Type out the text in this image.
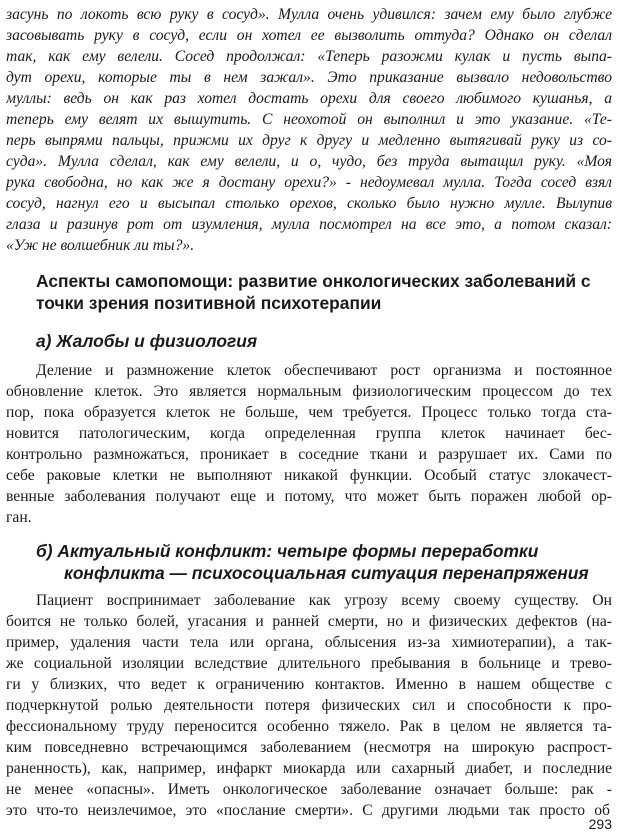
засунь по локоть всю руку в сосуд». Мулла очень удивился: зачем ему было глубже
засовывать руку в сосуд, если он хотел ее вызволить оттуда? Однако он сделал
так, как ему велели. Сосед продолжал: «Теперь разожми кулак и пусть выпа-
дут орехи, которые ты в нем зажал». Это приказание вызвало недовольство
муллы: ведь он как раз хотел достать орехи для своего любимого кушанья, а
теперь ему велят их вышутить. С неохотой он выполнил и это указание. «Те-
перь выпрями пальцы, прижми их друг к другу и медленно вытягивай руку из со-
суда». Мулла сделал, как ему велели, и о, чудо, без труда вытащил руку. «Моя
рука свободна, но как же я достану орехи?» - недоумевал мулла. Тогда сосед взял
сосуд, нагнул его и высыпал столько орехов, сколько было нужно мулле. Вылупив
глаза и разинув рот от изумления, мулла посмотрел на все это, а потом сказал:
«Уж не волшебник ли ты?».
Аспекты самопомощи: развитие онкологических заболеваний с
точки зрения позитивной психотерапии
а) Жалобы и физиология
Деление и размножение клеток обеспечивают рост организма и постоянное
обновление клеток. Это является нормальным физиологическим процессом до тех
пор, пока образуется клеток не больше, чем требуется. Процесс только тогда ста-
новится патологическим, когда определенная группа клеток начинает бес-
контрольно размножаться, проникает в соседние ткани и разрушает их. Сами по
себе раковые клетки не выполняют никакой функции. Особый статус злокачест-
венные заболевания получают еще и потому, что может быть поражен любой ор-
ган.
б) Актуальный конфликт: четыре формы переработки
конфликта — психосоциальная ситуация перенапряжения
Пациент воспринимает заболевание как угрозу всему своему существу. Он
боится не только болей, угасания и ранней смерти, но и физических дефектов (на-
пример, удаления части тела или органа, облысения из-за химиотерапии), а так-
же социальной изоляции вследствие длительного пребывания в больнице и трево-
ги у близких, что ведет к ограничению контактов. Именно в нашем обществе с
подчеркнутой ролью деятельности потеря физических сил и способности к про-
фессиональному труду переносится особенно тяжело. Рак в целом не является та-
ким повседневно встречающимся заболеванием (несмотря на широкую распрост-
раненность), как, например, инфаркт миокарда или сахарный диабет, и последние
не менее «опасны». Иметь онкологическое заболевание означает больше: рак -
это что-то неизлечимое, это «послание смерти». С другими людьми так просто об
293
